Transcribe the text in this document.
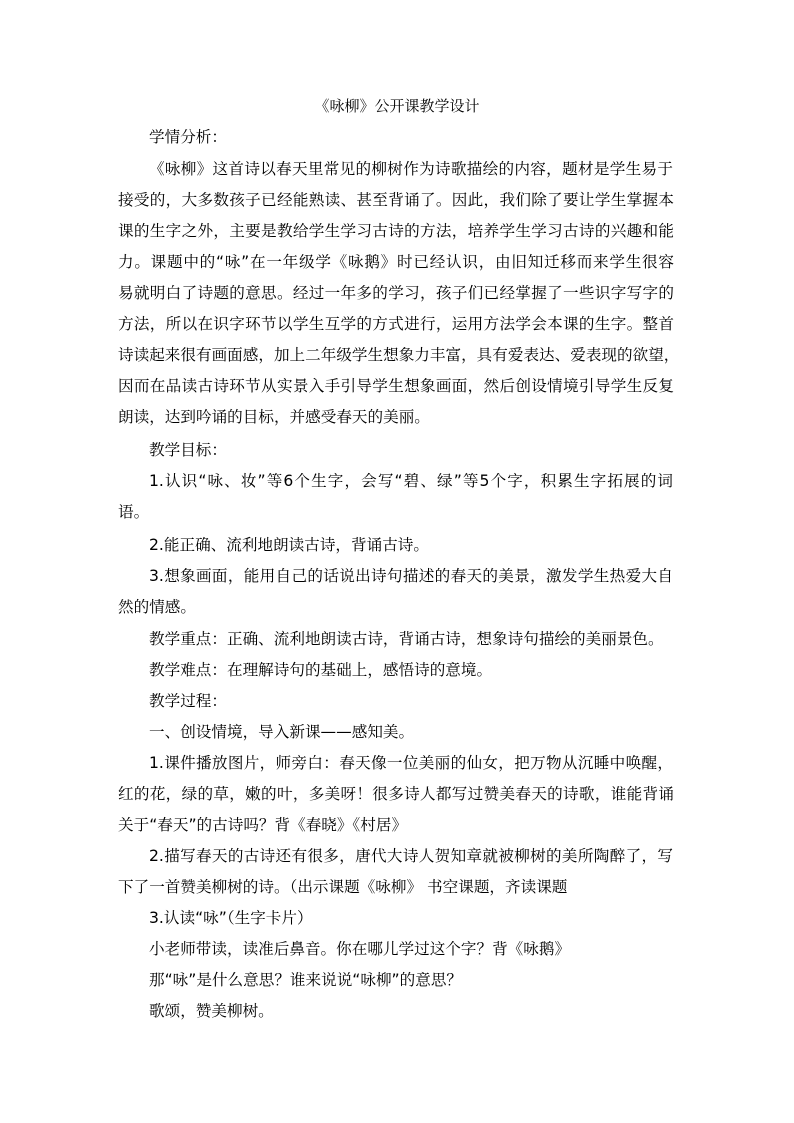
《咏柳》公开课教学设计
学情分析：
《咏柳》这首诗以春天里常见的柳树作为诗歌描绘的内容，题材是学生易于
接受的，大多数孩子已经能熟读、甚至背诵了。因此，我们除了要让学生掌握本
课的生字之外，主要是教给学生学习古诗的方法，培养学生学习古诗的兴趣和能
力。课题中的“咏”在一年级学《咏鹅》时已经认识，由旧知迁移而来学生很容
易就明白了诗题的意思。经过一年多的学习，孩子们已经掌握了一些识字写字的
方法，所以在识字环节以学生互学的方式进行，运用方法学会本课的生字。整首
诗读起来很有画面感，加上二年级学生想象力丰富，具有爱表达、爱表现的欲望，
因而在品读古诗环节从实景入手引导学生想象画面，然后创设情境引导学生反复
朗读，达到吟诵的目标，并感受春天的美丽。
教学目标：
1.认识“咏、妆”等6个生字，会写“碧、绿”等5个字，积累生字拓展的词
语。
2.能正确、流利地朗读古诗，背诵古诗。
3.想象画面，能用自己的话说出诗句描述的春天的美景，激发学生热爱大自
然的情感。
教学重点：正确、流利地朗读古诗，背诵古诗，想象诗句描绘的美丽景色。
教学难点：在理解诗句的基础上，感悟诗的意境。
教学过程：
一、创设情境，导入新课——感知美。
1.课件播放图片，师旁白：春天像一位美丽的仙女，把万物从沉睡中唤醒，
红的花，绿的草，嫩的叶，多美呀！很多诗人都写过赞美春天的诗歌，谁能背诵
关于“春天”的古诗吗？背《春晓》《村居》
2.描写春天的古诗还有很多，唐代大诗人贺知章就被柳树的美所陶醉了，写
下了一首赞美柳树的诗。（出示课题《咏柳》 书空课题，齐读课题
3.认读“咏”（生字卡片）
小老师带读，读准后鼻音。你在哪儿学过这个字？背《咏鹅》
那“咏”是什么意思？谁来说说“咏柳”的意思？
歌颂，赞美柳树。
